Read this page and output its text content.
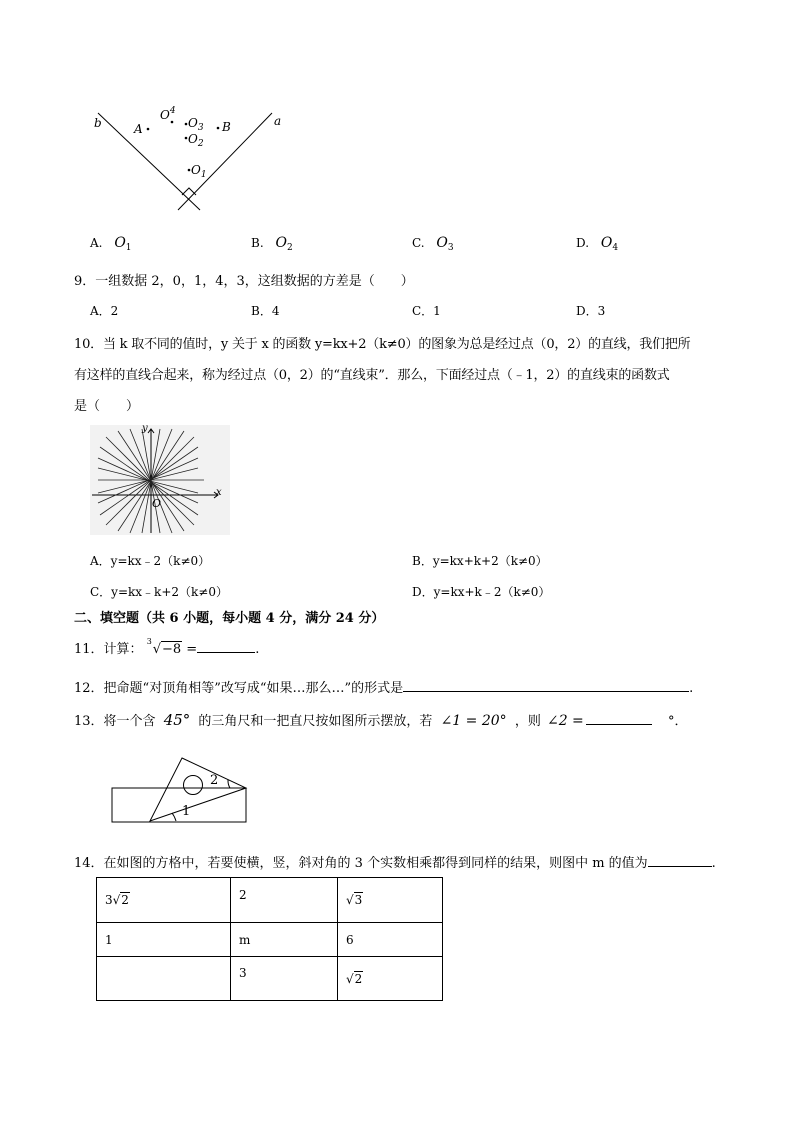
b	a
A	B
$O^4$
$O_3$
$O_2$
$O_1$
A. $O_1$	B. $O_2$	C. $O_3$	D. $O_4$
9．一组数据 2，0，1，4，3，这组数据的方差是（　　）
A．2	B．4	C．1	D．3
10．当 k 取不同的值时，y 关于 x 的函数 y=kx+2（k≠0）的图象为总是经过点（0，2）的直线，我们把所
有这样的直线合起来，称为经过点（0，2）的“直线束”．那么，下面经过点（﹣1，2）的直线束的函数式
是（　　）
y
x
O
A．y=kx﹣2（k≠0）	B．y=kx+k+2（k≠0）
C．y=kx﹣k+2（k≠0）	D．y=kx+k﹣2（k≠0）
二、填空题（共 6 小题，每小题 4 分，满分 24 分）
11．计算：
3
√−8 =	.
12．把命题“对顶角相等”改写成“如果…那么…”的形式是	.
13．将一个含 45° 的三角尺和一把直尺按如图所示摆放，若 ∠1 = 20° ，则 ∠2 =	°．
1
2
14．在如图的方格中，若要使横，竖，斜对角的 3 个实数相乘都得到同样的结果，则图中 m 的值为	.
3√2	2	√3
1	m	6
	3	√2
